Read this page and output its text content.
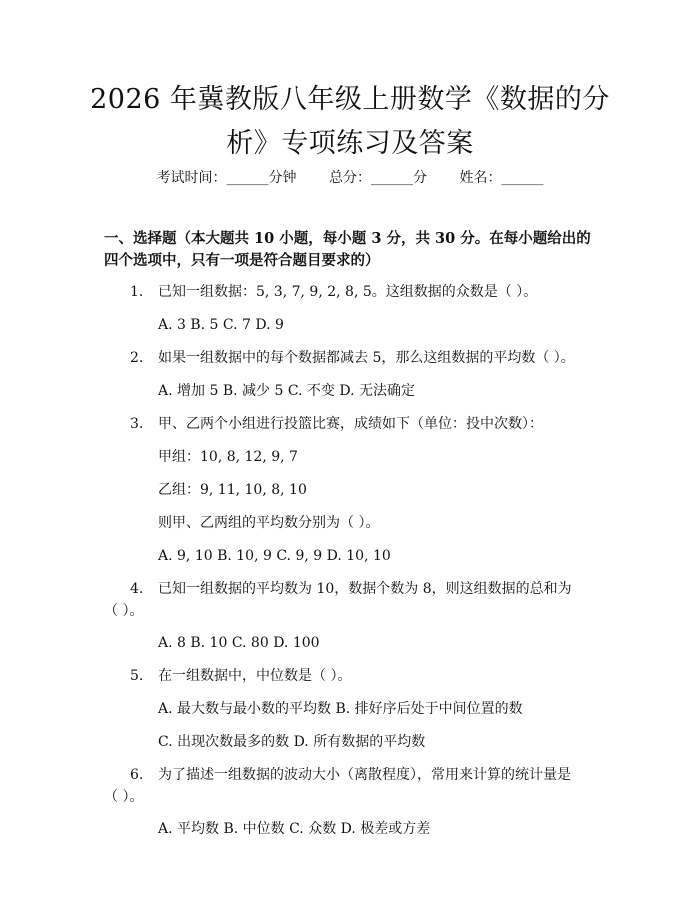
2026 年冀教版八年级上册数学《数据的分
析》专项练习及答案
考试时间：______分钟 总分：______分 姓名：______

一、选择题（本大题共 10 小题，每小题 3 分，共 30 分。在每小题给出的四个选项中，只有一项是符合题目要求的）

1. 已知一组数据：5, 3, 7, 9, 2, 8, 5。这组数据的众数是（ ）。
A. 3 B. 5 C. 7 D. 9
2. 如果一组数据中的每个数据都减去 5，那么这组数据的平均数（ ）。
A. 增加 5 B. 减少 5 C. 不变 D. 无法确定
3. 甲、乙两个小组进行投篮比赛，成绩如下（单位：投中次数）：
甲组：10, 8, 12, 9, 7
乙组：9, 11, 10, 8, 10
则甲、乙两组的平均数分别为（ ）。
A. 9, 10 B. 10, 9 C. 9, 9 D. 10, 10
4. 已知一组数据的平均数为 10，数据个数为 8，则这组数据的总和为（ ）。
A. 8 B. 10 C. 80 D. 100
5. 在一组数据中，中位数是（ ）。
A. 最大数与最小数的平均数 B. 排好序后处于中间位置的数
C. 出现次数最多的数 D. 所有数据的平均数
6. 为了描述一组数据的波动大小（离散程度），常用来计算的统计量是（ ）。
A. 平均数 B. 中位数 C. 众数 D. 极差或方差
